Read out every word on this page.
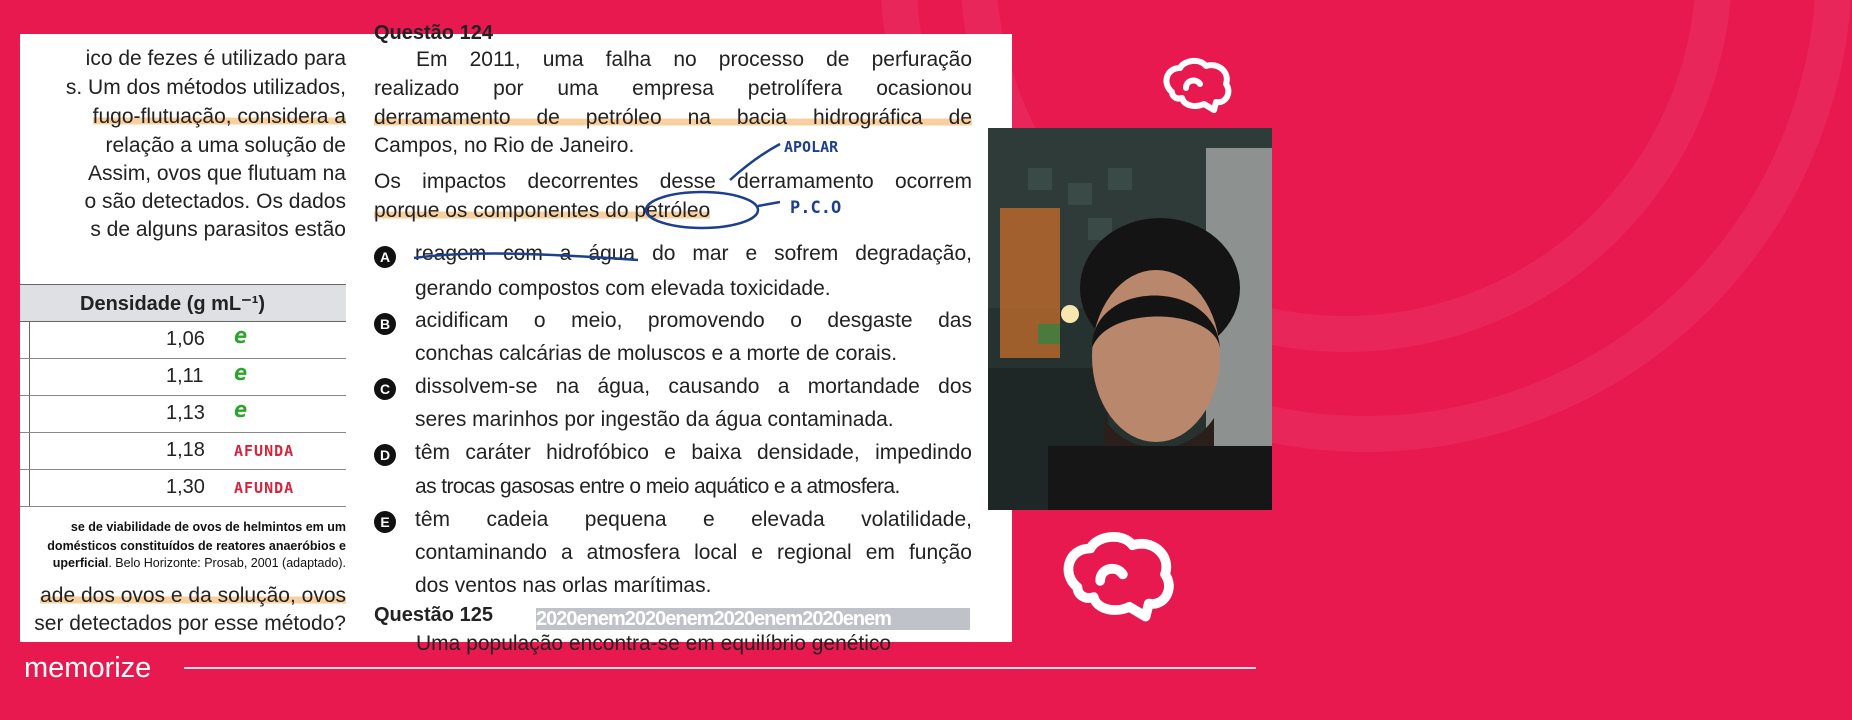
ico de fezes é utilizado para
s. Um dos métodos utilizados,
fugo-flutuação, considera a
relação a uma solução de
Assim, ovos que flutuam na
o são detectados. Os dados
s de alguns parasitos estão
Densidade (g mL⁻¹)
1,06 e
1,11 e
1,13 e
1,18 AFUNDA
1,30 AFUNDA
se de viabilidade de ovos de helmintos em um
domésticos constituídos de reatores anaeróbios e
uperficial. Belo Horizonte: Prosab, 2001 (adaptado).
ade dos ovos e da solução, ovos
ser detectados por esse método?
Questão 124
Em 2011, uma falha no processo de perfuração
realizado por uma empresa petrolífera ocasionou
derramamento de petróleo na bacia hidrográfica de
Campos, no Rio de Janeiro.
Os impactos decorrentes desse derramamento ocorrem
porque os componentes do petróleo
APOLAR
P.C.O
A reagem com a água do mar e sofrem degradação,
gerando compostos com elevada toxicidade.
B acidificam o meio, promovendo o desgaste das
conchas calcárias de moluscos e a morte de corais.
C dissolvem-se na água, causando a mortandade dos
seres marinhos por ingestão da água contaminada.
D têm caráter hidrofóbico e baixa densidade, impedindo
as trocas gasosas entre o meio aquático e a atmosfera.
E	têm cadeia pequena e elevada volatilidade,
contaminando a atmosfera local e regional em função
dos ventos nas orlas marítimas.
Questão 125 2020enem2020enem2020enem2020enem
Uma população encontra-se em equilíbrio genético
memorize
